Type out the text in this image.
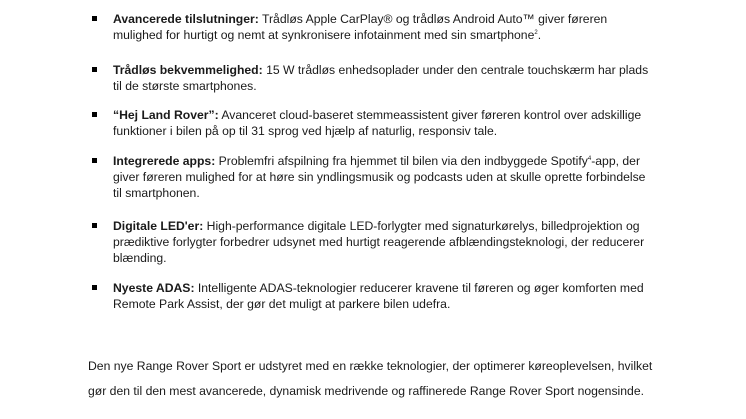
Avancerede tilslutninger: Trådløs Apple CarPlay® og trådløs Android Auto™ giver føreren mulighed for hurtigt og nemt at synkronisere infotainment med sin smartphone$^2$.
Trådløs bekvemmelighed: 15 W trådløs enhedsoplader under den centrale touchskærm har plads til de største smartphones.
“Hej Land Rover”: Avanceret cloud-baseret stemmeassistent giver føreren kontrol over adskillige funktioner i bilen på op til 31 sprog ved hjælp af naturlig, responsiv tale.
Integrerede apps: Problemfri afspilning fra hjemmet til bilen via den indbyggede Spotify$^4$-app, der giver føreren mulighed for at høre sin yndlingsmusik og podcasts uden at skulle oprette forbindelse til smartphonen.
Digitale LED'er: High-performance digitale LED-forlygter med signaturkørelys, billedprojektion og prædiktive forlygter forbedrer udsynet med hurtigt reagerende afblændingsteknologi, der reducerer blænding.
Nyeste ADAS: Intelligente ADAS-teknologier reducerer kravene til føreren og øger komforten med Remote Park Assist, der gør det muligt at parkere bilen udefra.
Den nye Range Rover Sport er udstyret med en række teknologier, der optimerer køreoplevelsen, hvilket gør den til den mest avancerede, dynamisk medrivende og raffinerede Range Rover Sport nogensinde.
